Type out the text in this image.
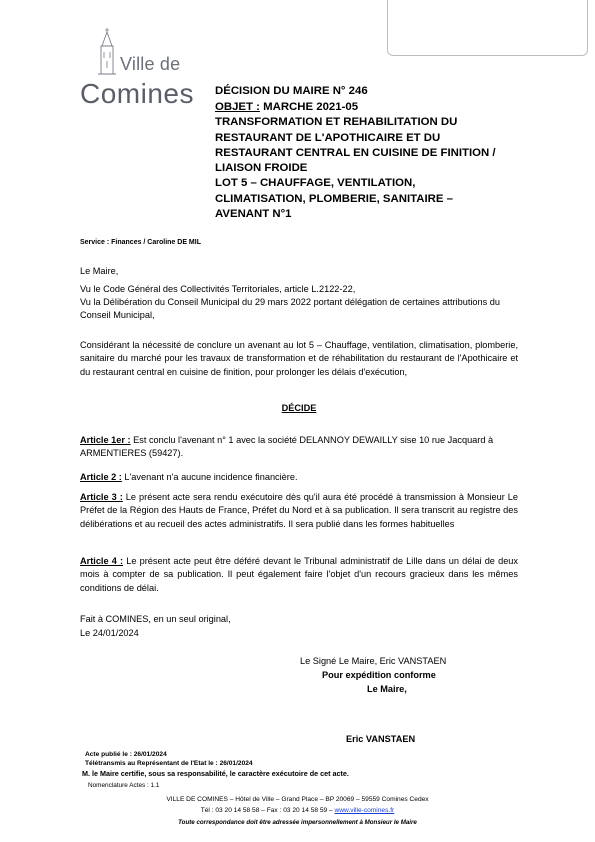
Ville de
Comines DÉCISION DU MAIRE N° 246
OBJET : MARCHE 2021-05
TRANSFORMATION ET REHABILITATION DU
RESTAURANT DE L'APOTHICAIRE ET DU
RESTAURANT CENTRAL EN CUISINE DE FINITION /
LIAISON FROIDE
LOT 5 – CHAUFFAGE, VENTILATION,
CLIMATISATION, PLOMBERIE, SANITAIRE –
AVENANT N°1
Service : Finances / Caroline DE MIL
Le Maire,
Vu le Code Général des Collectivités Territoriales, article L.2122-22,
Vu la Délibération du Conseil Municipal du 29 mars 2022 portant délégation de certaines attributions du Conseil Municipal,
Considérant la nécessité de conclure un avenant au lot 5 – Chauffage, ventilation, climatisation, plomberie, sanitaire du marché pour les travaux de transformation et de réhabilitation du restaurant de l'Apothicaire et du restaurant central en cuisine de finition, pour prolonger les délais d'exécution,
DÉCIDE
Article 1er : Est conclu l'avenant n° 1 avec la société DELANNOY DEWAILLY sise 10 rue Jacquard à ARMENTIERES (59427).
Article 2 : L'avenant n'a aucune incidence financière.
Article 3 : Le présent acte sera rendu exécutoire dès qu'il aura été procédé à transmission à Monsieur Le Préfet de la Région des Hauts de France, Préfet du Nord et à sa publication. Il sera transcrit au registre des délibérations et au recueil des actes administratifs. Il sera publié dans les formes habituelles
Article 4 : Le présent acte peut être déféré devant le Tribunal administratif de Lille dans un délai de deux mois à compter de sa publication. Il peut également faire l'objet d'un recours gracieux dans les mêmes conditions de délai.
Fait à COMINES, en un seul original,
Le 24/01/2024
Le Signé Le Maire, Eric VANSTAEN
Pour expédition conforme
Le Maire,
Eric VANSTAEN
Acte publié le : 26/01/2024
Télétransmis au Représentant de l'Etat le : 26/01/2024
M. le Maire certifie, sous sa responsabilité, le caractère exécutoire de cet acte.
Nomenclature Actes : 1.1
VILLE DE COMINES – Hôtel de Ville – Grand Place – BP 20069 – 59559 Comines Cedex
Tél : 03 20 14 58 58 – Fax : 03 20 14 58 59 – www.ville-comines.fr
Toute correspondance doit être adressée impersonnellement à Monsieur le Maire
